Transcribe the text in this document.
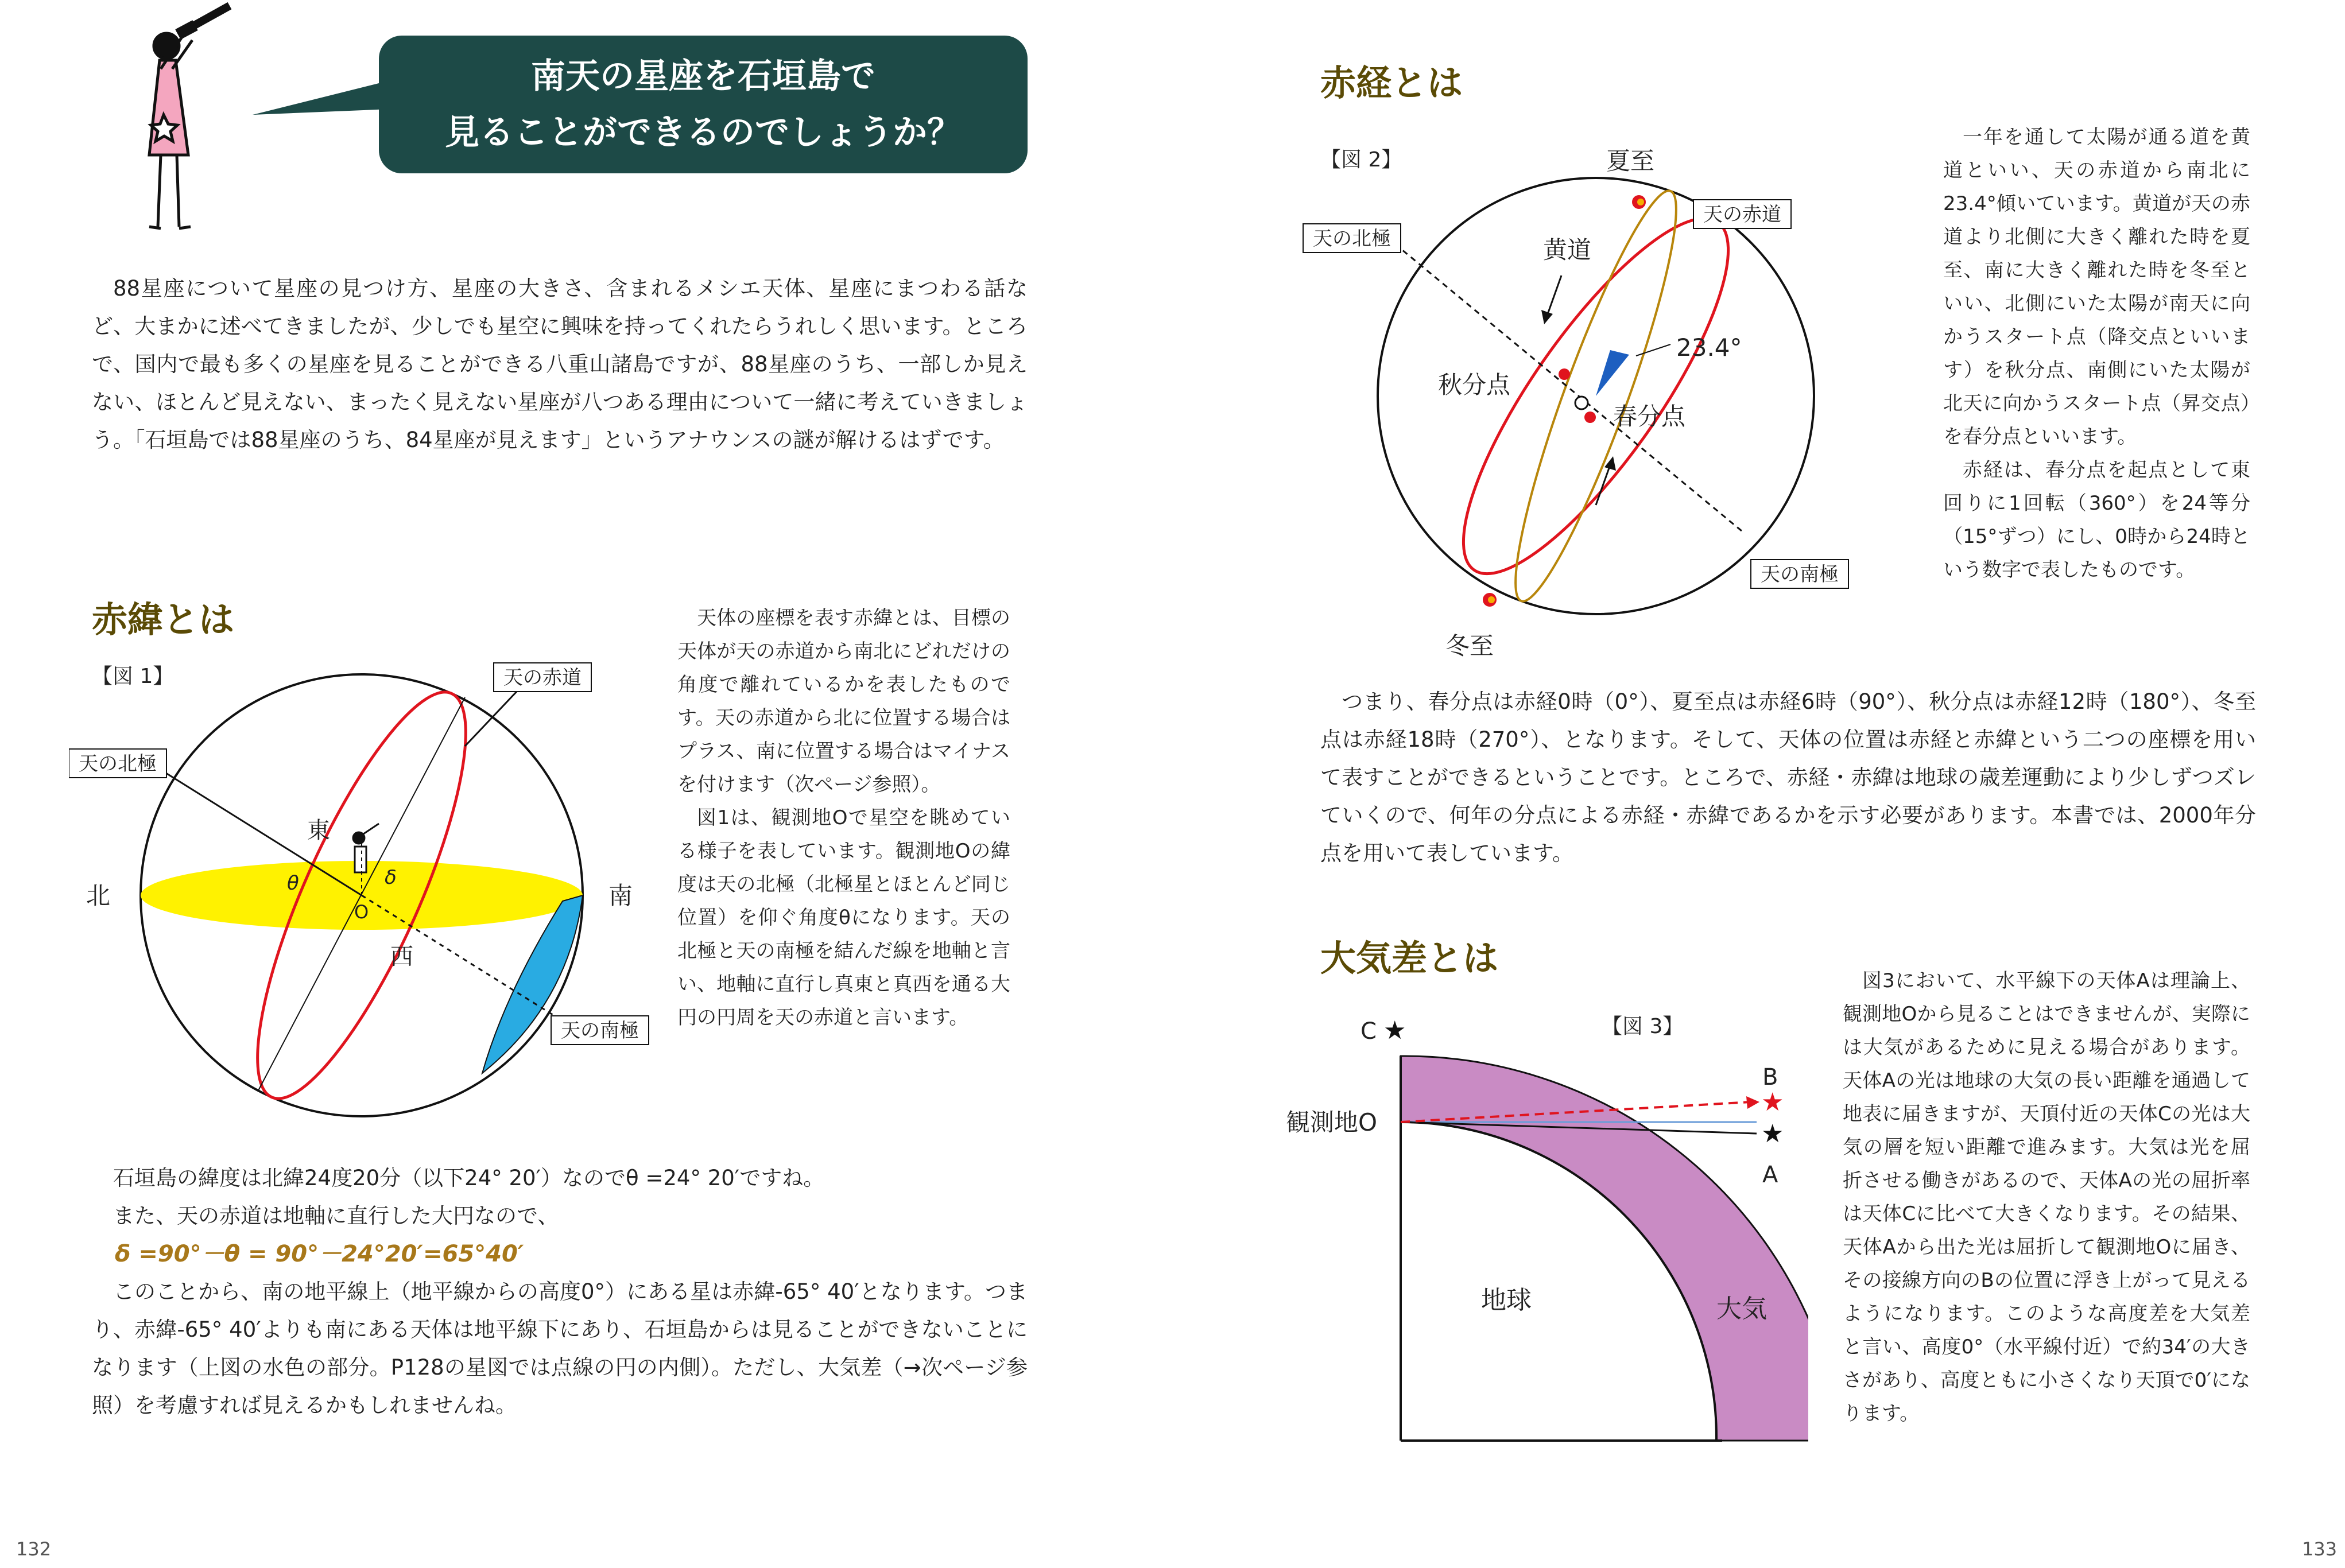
南天の星座を石垣島で
見ることができるのでしょうか？

88星座について星座の見つけ方、星座の大きさ、含まれるメシエ天体、星座にまつわる話など、大まかに述べてきましたが、少しでも星空に興味を持ってくれたらうれしく思います。ところで、国内で最も多くの星座を見ることができる八重山諸島ですが、88星座のうち、一部しか見えない、ほとんど見えない、まったく見えない星座が八つある理由について一緒に考えていきましょう。「石垣島では88星座のうち、84星座が見えます」というアナウンスの謎が解けるはずです。

赤緯とは
【図 1】	天の赤道
天の北極
天の南極
東
西
北	南
O
θ	δ

天体の座標を表す赤緯とは、目標の天体が天の赤道から南北にどれだけの角度で離れているかを表したものです。天の赤道から北に位置する場合はプラス、南に位置する場合はマイナスを付けます（次ページ参照）。

図1は、観測地Oで星空を眺めている様子を表しています。観測地Oの緯度は天の北極（北極星とほとんど同じ位置）を仰ぐ角度θになります。天の北極と天の南極を結んだ線を地軸と言い、地軸に直行し真東と真西を通る大円の円周を天の赤道と言います。

石垣島の緯度は北緯24度20分（以下24° 20′）なのでθ =24° 20′ですね。

また、天の赤道は地軸に直行した大円なので、

δ =90°－θ = 90°－24°20′=65°40′

このことから、南の地平線上（地平線からの高度0°）にある星は赤緯-65° 40′となります。つまり、赤緯-65° 40′よりも南にある天体は地平線下にあり、石垣島からは見ることができないことになります（上図の水色の部分。P128の星図では点線の円の内側）。ただし、大気差（→次ページ参照）を考慮すれば見えるかもしれませんね。

132
赤経とは
【図 2】	夏至
冬至
天の赤道
天の北極
天の南極
黄道
23.4°
秋分点
春分点

一年を通して太陽が通る道を黄道といい、天の赤道から南北に23.4°傾いています。黄道が天の赤道より北側に大きく離れた時を夏至、南に大きく離れた時を冬至といい、北側にいた太陽が南天に向かうスタート点（降交点といいます）を秋分点、南側にいた太陽が北天に向かうスタート点（昇交点）を春分点といいます。

赤経は、春分点を起点として東回りに1回転（360°）を24等分（15°ずつ）にし、0時から24時という数字で表したものです。

つまり、春分点は赤経0時（0°）、夏至点は赤経6時（90°）、秋分点は赤経12時（180°）、冬至点は赤経18時（270°）、となります。そして、天体の位置は赤経と赤緯という二つの座標を用いて表すことができるということです。ところで、赤経・赤緯は地球の歳差運動により少しずつズレていくので、何年の分点による赤経・赤緯であるかを示す必要があります。本書では、2000年分点を用いて表しています。

大気差とは
【図 3】
★
★
★
C
B
A
観測地O
地球	大気

図3において、水平線下の天体Aは理論上、観測地Oから見ることはできませんが、実際には大気があるために見える場合があります。天体Aの光は地球の大気の長い距離を通過して地表に届きますが、天頂付近の天体Cの光は大気の層を短い距離で進みます。大気は光を屈折させる働きがあるので、天体Aの光の屈折率は天体Cに比べて大きくなります。その結果、天体Aから出た光は屈折して観測地Oに届き、その接線方向のBの位置に浮き上がって見えるようになります。このような高度差を大気差と言い、高度0°（水平線付近）で約34′の大きさがあり、高度ともに小さくなり天頂で0′になります。

133
